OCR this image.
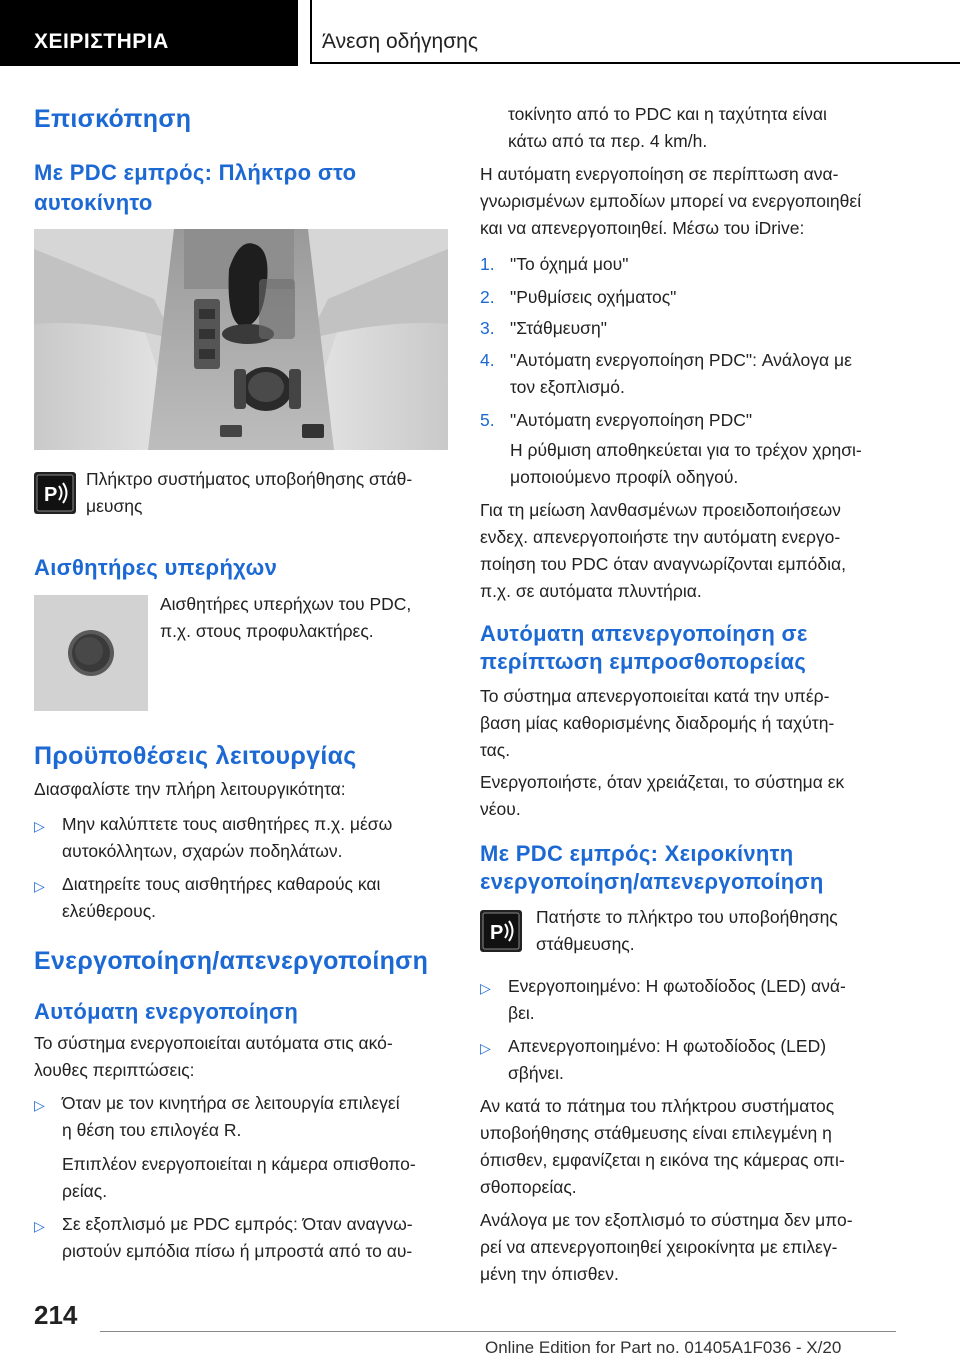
ΧΕΙΡΙΣΤΗΡΙΑ	Άνεση οδήγησης
Επισκόπηση
Με PDC εμπρός: Πλήκτρο στο
αυτοκίνητο
P
Πλήκτρο συστήματος υποβοήθησης στάθ‐
μευσης
Αισθητήρες υπερήχων
Αισθητήρες υπερήχων του PDC,
π.χ. στους προφυλακτήρες.
Προϋποθέσεις λειτουργίας
Διασφαλίστε την πλήρη λειτουργικότητα:
▷ Μην καλύπτετε τους αισθητήρες π.χ. μέσω
αυτοκόλλητων, σχαρών ποδηλάτων.
▷ Διατηρείτε τους αισθητήρες καθαρούς και
ελεύθερους.
Ενεργοποίηση/απενεργοποίηση
Αυτόματη ενεργοποίηση
Το σύστημα ενεργοποιείται αυτόματα στις ακό‐
λουθες περιπτώσεις:
▷ Όταν με τον κινητήρα σε λειτουργία επιλεγεί
η θέση του επιλογέα R.
Επιπλέον ενεργοποιείται η κάμερα οπισθοπο‐
ρείας.
▷ Σε εξοπλισμό με PDC εμπρός: Όταν αναγνω‐
ριστούν εμπόδια πίσω ή μπροστά από το αυ‐
τοκίνητο από το PDC και η ταχύτητα είναι
κάτω από τα περ. 4 km/h.
Η αυτόματη ενεργοποίηση σε περίπτωση ανα‐
γνωρισμένων εμποδίων μπορεί να ενεργοποιηθεί
και να απενεργοποιηθεί. Μέσω του iDrive:
1. "Το όχημά μου"
2. "Ρυθμίσεις οχήματος"
3. "Στάθμευση"
4. "Αυτόματη ενεργοποίηση PDC": Ανάλογα με
τον εξοπλισμό.
5. "Αυτόματη ενεργοποίηση PDC"
Η ρύθμιση αποθηκεύεται για το τρέχον χρησι‐
μοποιούμενο προφίλ οδηγού.
Για τη μείωση λανθασμένων προειδοποιήσεων
ενδεχ. απενεργοποιήστε την αυτόματη ενεργο‐
ποίηση του PDC όταν αναγνωρίζονται εμπόδια,
π.χ. σε αυτόματα πλυντήρια.
Αυτόματη απενεργοποίηση σε
περίπτωση εμπροσθοπορείας
Το σύστημα απενεργοποιείται κατά την υπέρ‐
βαση μίας καθορισμένης διαδρομής ή ταχύτη‐
τας.
Ενεργοποιήστε, όταν χρειάζεται, το σύστημα εκ
νέου.
Με PDC εμπρός: Χειροκίνητη
ενεργοποίηση/απενεργοποίηση
P
Πατήστε το πλήκτρο του υποβοήθησης
στάθμευσης.
▷ Ενεργοποιημένο: Η φωτοδίοδος (LED) ανά‐
βει.
▷ Απενεργοποιημένο: Η φωτοδίοδος (LED)
σβήνει.
Αν κατά το πάτημα του πλήκτρου συστήματος
υποβοήθησης στάθμευσης είναι επιλεγμένη η
όπισθεν, εμφανίζεται η εικόνα της κάμερας οπι‐
σθοπορείας.
Ανάλογα με τον εξοπλισμό το σύστημα δεν μπο‐
ρεί να απενεργοποιηθεί χειροκίνητα με επιλεγ‐
μένη την όπισθεν.
214
Online Edition for Part no. 01405A1F036 - X/20
